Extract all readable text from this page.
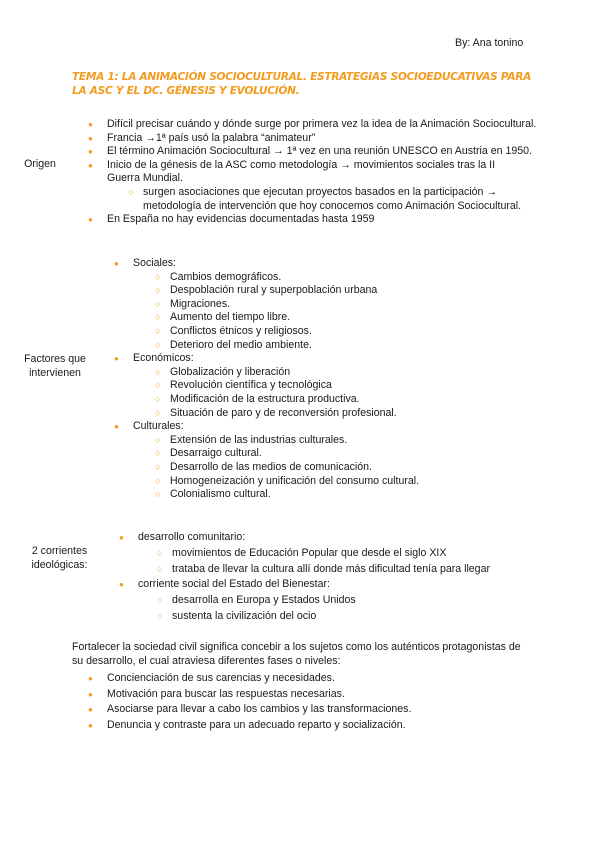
By: Ana tonino
TEMA 1: LA ANIMACIÓN SOCIOCULTURAL. ESTRATEGIAS SOCIOEDUCATIVAS PARA LA ASC Y EL DC. GÉNESIS Y EVOLUCIÓN.
Origen
● Difícil precisar cuándo y dónde surge por primera vez la idea de la Animación Sociocultural.
● Francia →1ª país usó la palabra “animateur”
● El término Animación Sociocultural → 1ª vez en una reunión UNESCO en Austria en 1950.
● Inicio de la génesis de la ASC como metodología → movimientos sociales tras la II Guerra Mundial.
○ surgen asociaciones que ejecutan proyectos basados en la participación → metodología de intervención que hoy conocemos como Animación Sociocultural.
● En España no hay evidencias documentadas hasta 1959
Factores que intervienen
● Sociales:
○ Cambios demográficos.
○ Despoblación rural y superpoblación urbana
○ Migraciones.
○ Aumento del tiempo libre.
○ Conflictos étnicos y religiosos.
○ Deterioro del medio ambiente.
● Económicos:
○ Globalización y liberación
○ Revolución científica y tecnológica
○ Modificación de la estructura productiva.
○ Situación de paro y de reconversión profesional.
● Culturales:
○ Extensión de las industrias culturales.
○ Desarraigo cultural.
○ Desarrollo de las medios de comunicación.
○ Homogeneización y unificación del consumo cultural.
○ Colonialismo cultural.
2 corrientes ideológicas:
● desarrollo comunitario:
○ movimientos de Educación Popular que desde el siglo XIX
○ trataba de llevar la cultura allí donde más dificultad tenía para llegar
● corriente social del Estado del Bienestar:
○ desarrolla en Europa y Estados Unidos
○ sustenta la civilización del ocio
Fortalecer la sociedad civil significa concebir a los sujetos como los auténticos protagonistas de su desarrollo, el cual atraviesa diferentes fases o niveles:
● Concienciación de sus carencias y necesidades.
● Motivación para buscar las respuestas necesarias.
● Asociarse para llevar a cabo los cambios y las transformaciones.
● Denuncia y contraste para un adecuado reparto y socialización.
